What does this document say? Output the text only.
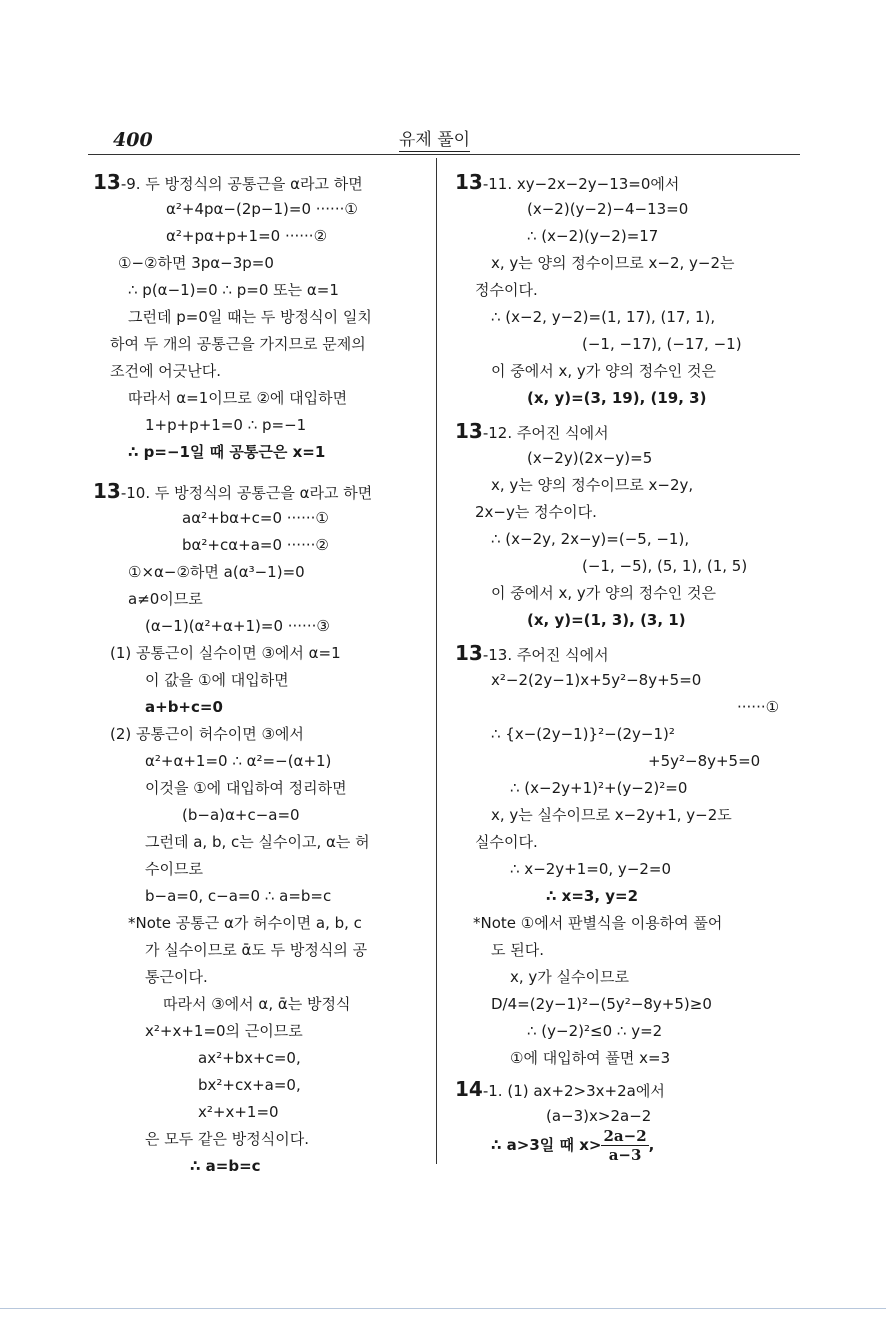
400	유제 풀이
13-9. 두 방정식의 공통근을 α라고 하면
α²+4pα−(2p−1)=0 ······①
α²+pα+p+1=0 ······②
①−②하면 3pα−3p=0
∴ p(α−1)=0 ∴ p=0 또는 α=1
그런데 p=0일 때는 두 방정식이 일치
하여 두 개의 공통근을 가지므로 문제의
조건에 어긋난다.
따라서 α=1이므로 ②에 대입하면
1+p+p+1=0 ∴ p=−1
∴ p=−1일 때 공통근은 x=1
13-10. 두 방정식의 공통근을 α라고 하면
aα²+bα+c=0 ······①
bα²+cα+a=0 ······②
①×α−②하면 a(α³−1)=0
a≠0이므로
(α−1)(α²+α+1)=0 ······③
(1) 공통근이 실수이면 ③에서 α=1
이 값을 ①에 대입하면
a+b+c=0
(2) 공통근이 허수이면 ③에서
α²+α+1=0 ∴ α²=−(α+1)
이것을 ①에 대입하여 정리하면
(b−a)α+c−a=0
그런데 a, b, c는 실수이고, α는 허
수이므로
b−a=0, c−a=0 ∴ a=b=c
*Note 공통근 α가 허수이면 a, b, c
가 실수이므로 ᾱ도 두 방정식의 공
통근이다.
따라서 ③에서 α, ᾱ는 방정식
x²+x+1=0의 근이므로
ax²+bx+c=0,
bx²+cx+a=0,
x²+x+1=0
은 모두 같은 방정식이다.
∴ a=b=c
13-11. xy−2x−2y−13=0에서
(x−2)(y−2)−4−13=0
∴ (x−2)(y−2)=17
x, y는 양의 정수이므로 x−2, y−2는
정수이다.
∴ (x−2, y−2)=(1, 17), (17, 1),
(−1, −17), (−17, −1)
이 중에서 x, y가 양의 정수인 것은
(x, y)=(3, 19), (19, 3)
13-12. 주어진 식에서
(x−2y)(2x−y)=5
x, y는 양의 정수이므로 x−2y,
2x−y는 정수이다.
∴ (x−2y, 2x−y)=(−5, −1),
(−1, −5), (5, 1), (1, 5)
이 중에서 x, y가 양의 정수인 것은
(x, y)=(1, 3), (3, 1)
13-13. 주어진 식에서
x²−2(2y−1)x+5y²−8y+5=0
······①
∴ {x−(2y−1)}²−(2y−1)²
+5y²−8y+5=0
∴ (x−2y+1)²+(y−2)²=0
x, y는 실수이므로 x−2y+1, y−2도
실수이다.
∴ x−2y+1=0, y−2=0
∴ x=3, y=2
*Note ①에서 판별식을 이용하여 풀어
도 된다.
x, y가 실수이므로
D/4=(2y−1)²−(5y²−8y+5)≥0
∴ (y−2)²≤0 ∴ y=2
①에 대입하여 풀면 x=3
14-1. (1) ax+2>3x+2a에서
(a−3)x>2a−2
∴ a>3일 때 $x> \frac{2a-2}{a-3}$ ,
